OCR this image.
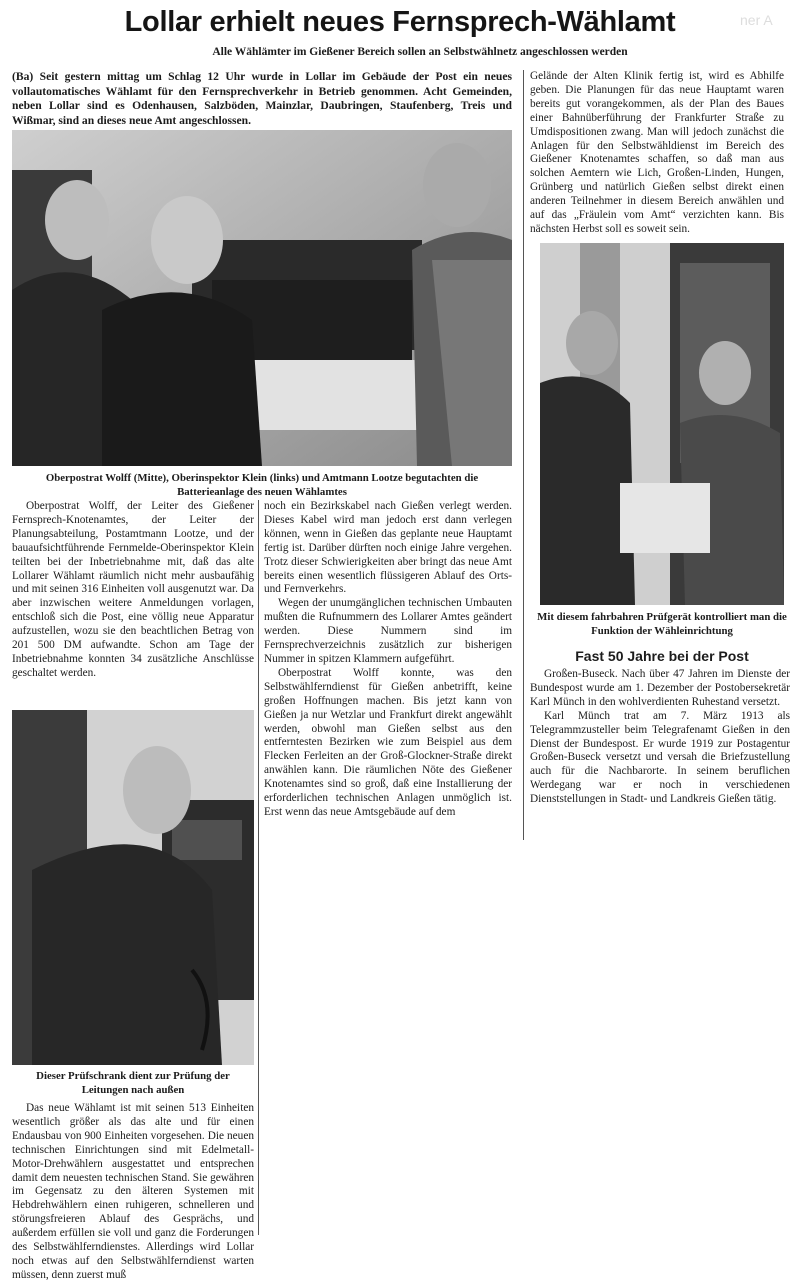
ner A
Lollar erhielt neues Fernsprech-Wählamt
Alle Wählämter im Gießener Bereich sollen an Selbstwählnetz angeschlossen werden
(Ba) Seit gestern mittag um Schlag 12 Uhr wurde in Lollar im Gebäude der Post ein neues vollautomatisches Wählamt für den Fernsprechverkehr in Betrieb genommen. Acht Gemeinden, neben Lollar sind es Odenhausen, Salzböden, Mainzlar, Daubringen, Staufenberg, Treis und Wißmar, sind an dieses neue Amt angeschlossen.
Oberpostrat Wolff (Mitte), Oberinspektor Klein (links) und Amtmann Lootze begutachten die Batterieanlage des neuen Wählamtes

Oberpostrat Wolff, der Leiter des Gießener Fernsprech-Knotenamtes, der Leiter der Planungsabteilung, Postamtmann Lootze, und der bauaufsichtführende Fernmelde-Oberinspektor Klein teilten bei der Inbetriebnahme mit, daß das alte Lollarer Wählamt räumlich nicht mehr ausbaufähig und mit seinen 316 Einheiten voll ausgenutzt war. Da aber inzwischen weitere Anmeldungen vorlagen, entschloß sich die Post, eine völlig neue Apparatur aufzustellen, wozu sie den beachtlichen Betrag von 201 500 DM aufwandte. Schon am Tage der Inbetriebnahme konnten 34 zusätzliche Anschlüsse geschaltet werden.

Dieser Prüfschrank dient zur Prüfung der Leitungen nach außen

Das neue Wählamt ist mit seinen 513 Einheiten wesentlich größer als das alte und für einen Endausbau von 900 Einheiten vorgesehen. Die neuen technischen Einrichtungen sind mit Edelmetall-Motor-Drehwählern ausgestattet und entsprechen damit dem neuesten technischen Stand. Sie gewähren im Gegensatz zu den älteren Systemen mit Hebdrehwählern einen ruhigeren, schnelleren und störungsfreieren Ablauf des Gesprächs, und außerdem erfüllen sie voll und ganz die Forderungen des Selbstwählferndienstes. Allerdings wird Lollar noch etwas auf den Selbstwählferndienst warten müssen, denn zuerst muß

noch ein Bezirkskabel nach Gießen verlegt werden. Dieses Kabel wird man jedoch erst dann verlegen können, wenn in Gießen das geplante neue Hauptamt fertig ist. Darüber dürften noch einige Jahre vergehen. Trotz dieser Schwierigkeiten aber bringt das neue Amt bereits einen wesentlich flüssigeren Ablauf des Orts- und Fernverkehrs.

Wegen der unumgänglichen technischen Umbauten mußten die Rufnummern des Lollarer Amtes geändert werden. Diese Nummern sind im Fernsprechverzeichnis zusätzlich zur bisherigen Nummer in spitzen Klammern aufgeführt.

Oberpostrat Wolff konnte, was den Selbstwählferndienst für Gießen anbetrifft, keine großen Hoffnungen machen. Bis jetzt kann von Gießen ja nur Wetzlar und Frankfurt direkt angewählt werden, obwohl man Gießen selbst aus den entferntesten Bezirken wie zum Beispiel aus dem Flecken Ferleiten an der Groß-Glockner-Straße direkt anwählen kann. Die räumlichen Nöte des Gießener Knotenamtes sind so groß, daß eine Installierung der erforderlichen technischen Anlagen unmöglich ist. Erst wenn das neue Amtsgebäude auf dem

Gelände der Alten Klinik fertig ist, wird es Abhilfe geben. Die Planungen für das neue Hauptamt waren bereits gut vorangekommen, als der Plan des Baues einer Bahnüberführung der Frankfurter Straße zu Umdispositionen zwang. Man will jedoch zunächst die Anlagen für den Selbstwähldienst im Bereich des Gießener Knotenamtes schaffen, so daß man aus solchen Aemtern wie Lich, Großen-Linden, Hungen, Grünberg und natürlich Gießen selbst direkt einen anderen Teilnehmer in diesem Bereich anwählen und auf das „Fräulein vom Amt“ verzichten kann. Bis nächsten Herbst soll es soweit sein.

Mit diesem fahrbahren Prüfgerät kontrolliert man die Funktion der Wähleinrichtung
Fast 50 Jahre bei der Post

Großen-Buseck. Nach über 47 Jahren im Dienste der Bundespost wurde am 1. Dezember der Postobersekretär Karl Münch in den wohlverdienten Ruhestand versetzt.

Karl Münch trat am 7. März 1913 als Telegrammzusteller beim Telegrafenamt Gießen in den Dienst der Bundespost. Er wurde 1919 zur Postagentur Großen-Buseck versetzt und versah die Briefzustellung auch für die Nachbarorte. In seinem beruflichen Werdegang war er noch in verschiedenen Dienststellungen in Stadt- und Landkreis Gießen tätig.
